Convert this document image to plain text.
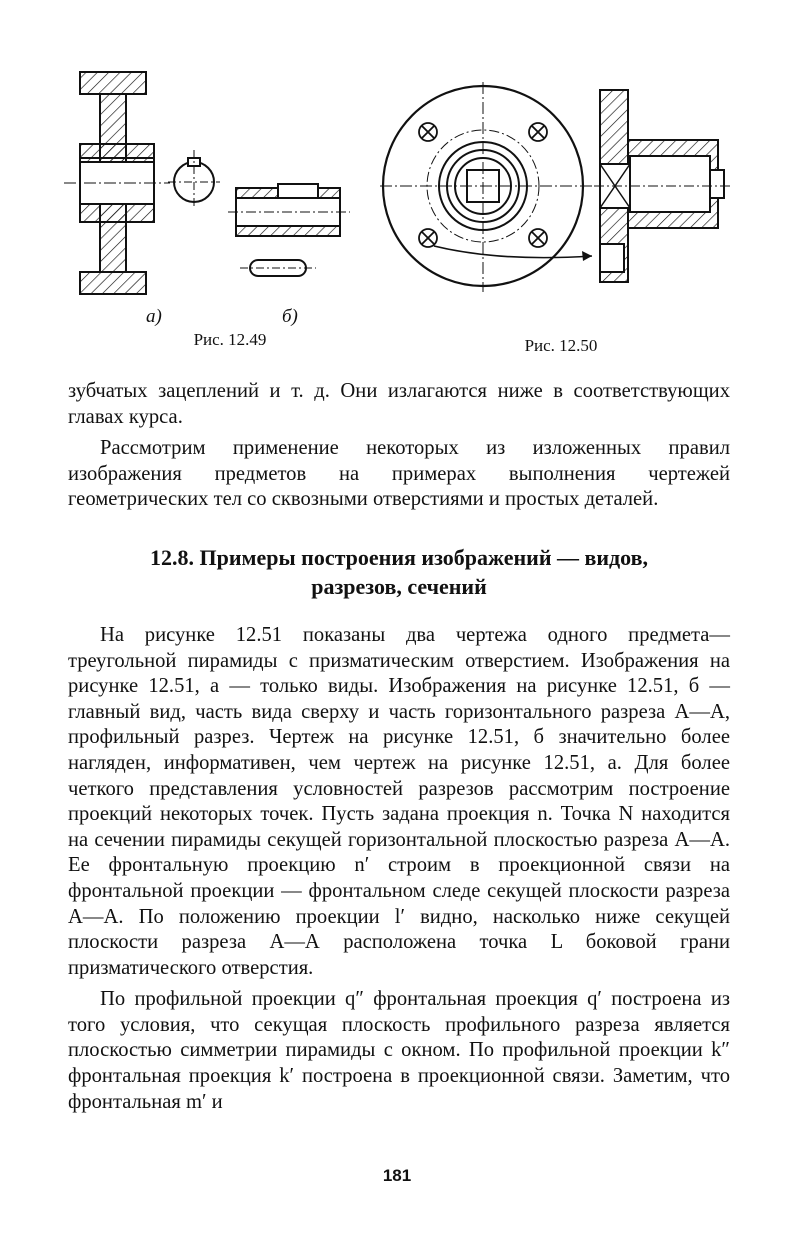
а)	б)
Рис. 12.49	Рис. 12.50

зубчатых зацеплений и т. д. Они излагаются ниже в соответствующих главах курса.

Рассмотрим применение некоторых из изложенных правил изображения предметов на примерах выполнения чертежей геометрических тел со сквозными отверстиями и простых деталей.

12.8. Примеры построения изображений — видов, разрезов, сечений

На рисунке 12.51 показаны два чертежа одного предмета— треугольной пирамиды с призматическим отверстием. Изображения на рисунке 12.51, а — только виды. Изображения на рисунке 12.51, б — главный вид, часть вида сверху и часть горизонтального разреза А—А, профильный разрез. Чертеж на рисунке 12.51, б значительно более нагляден, информативен, чем чертеж на рисунке 12.51, а. Для более четкого представления условностей разрезов рассмотрим построение проекций некоторых точек. Пусть задана проекция n. Точка N находится на сечении пирамиды секущей горизонтальной плоскостью разреза А—А. Ее фронтальную проекцию n′ строим в проекционной связи на фронтальной проекции — фронтальном следе секущей плоскости разреза А—А. По положению проекции l′ видно, насколько ниже секущей плоскости разреза А—А расположена точка L боковой грани призматического отверстия.

По профильной проекции q″ фронтальная проекция q′ построена из того условия, что секущая плоскость профильного разреза является плоскостью симметрии пирамиды с окном. По профильной проекции k″ фронтальная проекция k′ построена в проекционной связи. Заметим, что фронтальная m′ и

181
